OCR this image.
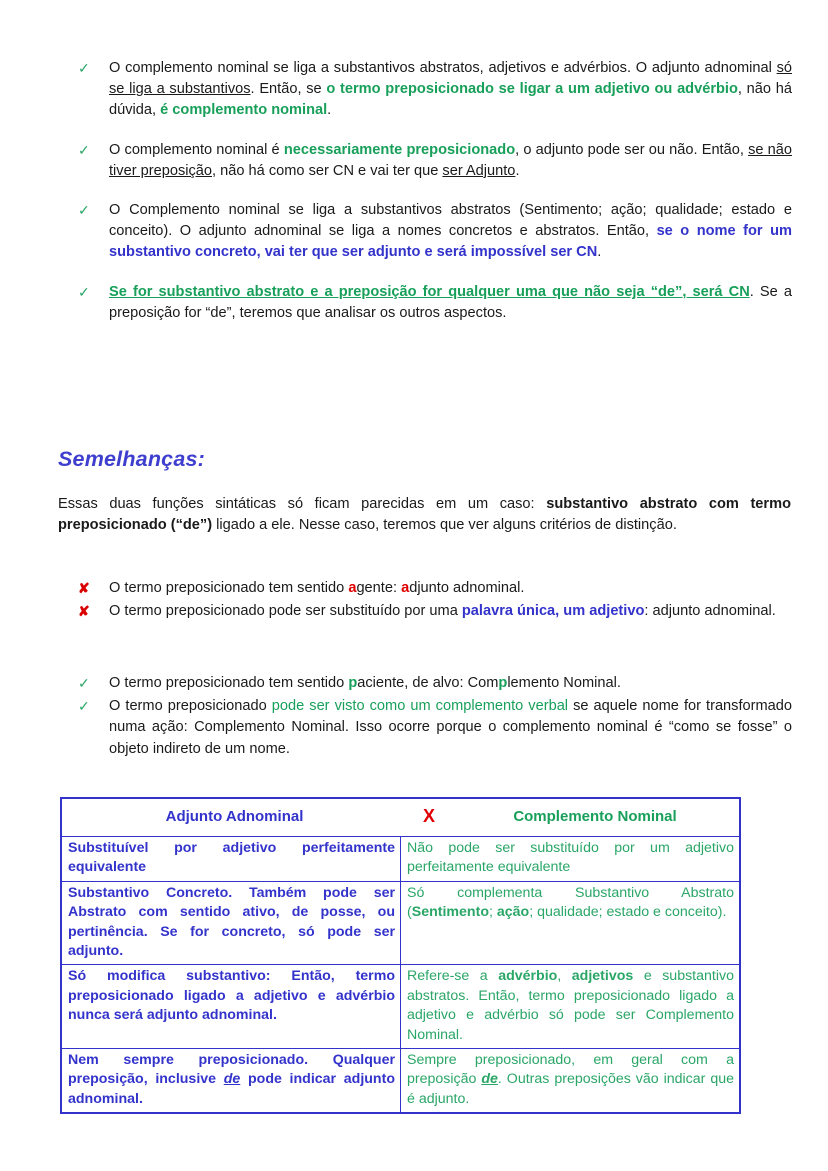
✓	O complemento nominal se liga a substantivos abstratos, adjetivos e advérbios. O adjunto adnominal só se liga a substantivos. Então, se o termo preposicionado se ligar a um adjetivo ou advérbio, não há dúvida, é complemento nominal.
✓	O complemento nominal é necessariamente preposicionado, o adjunto pode ser ou não. Então, se não tiver preposição, não há como ser CN e vai ter que ser Adjunto.
✓	O Complemento nominal se liga a substantivos abstratos (Sentimento; ação; qualidade; estado e conceito). O adjunto adnominal se liga a nomes concretos e abstratos. Então, se o nome for um substantivo concreto, vai ter que ser adjunto e será impossível ser CN.
✓	Se for substantivo abstrato e a preposição for qualquer uma que não seja “de”, será CN. Se a preposição for “de”, teremos que analisar os outros aspectos.
Semelhanças:
Essas duas funções sintáticas só ficam parecidas em um caso: substantivo abstrato com termo preposicionado (“de”) ligado a ele. Nesse caso, teremos que ver alguns critérios de distinção.
✘	O termo preposicionado tem sentido agente: adjunto adnominal.
✘	O termo preposicionado pode ser substituído por uma palavra única, um adjetivo: adjunto adnominal.
✓	O termo preposicionado tem sentido paciente, de alvo: Complemento Nominal.
✓	O termo preposicionado pode ser visto como um complemento verbal se aquele nome for transformado numa ação: Complemento Nominal. Isso ocorre porque o complemento nominal é “como se fosse” o objeto indireto de um nome.
Adjunto Adnominal X Complemento Nominal	

Substituível por adjetivo perfeitamente equivalente	Não pode ser substituído por um adjetivo perfeitamente equivalente
Substantivo Concreto. Também pode ser Abstrato com sentido ativo, de posse, ou pertinência. Se for concreto, só pode ser adjunto.	Só complementa Substantivo Abstrato (Sentimento; ação; qualidade; estado e conceito).
Só modifica substantivo: Então, termo preposicionado ligado a adjetivo e advérbio nunca será adjunto adnominal.	Refere-se a advérbio, adjetivos e substantivo abstratos. Então, termo preposicionado ligado a adjetivo e advérbio só pode ser Complemento Nominal.
Nem sempre preposicionado. Qualquer preposição, inclusive de pode indicar adjunto adnominal.	Sempre preposicionado, em geral com a preposição de. Outras preposições vão indicar que é adjunto.
